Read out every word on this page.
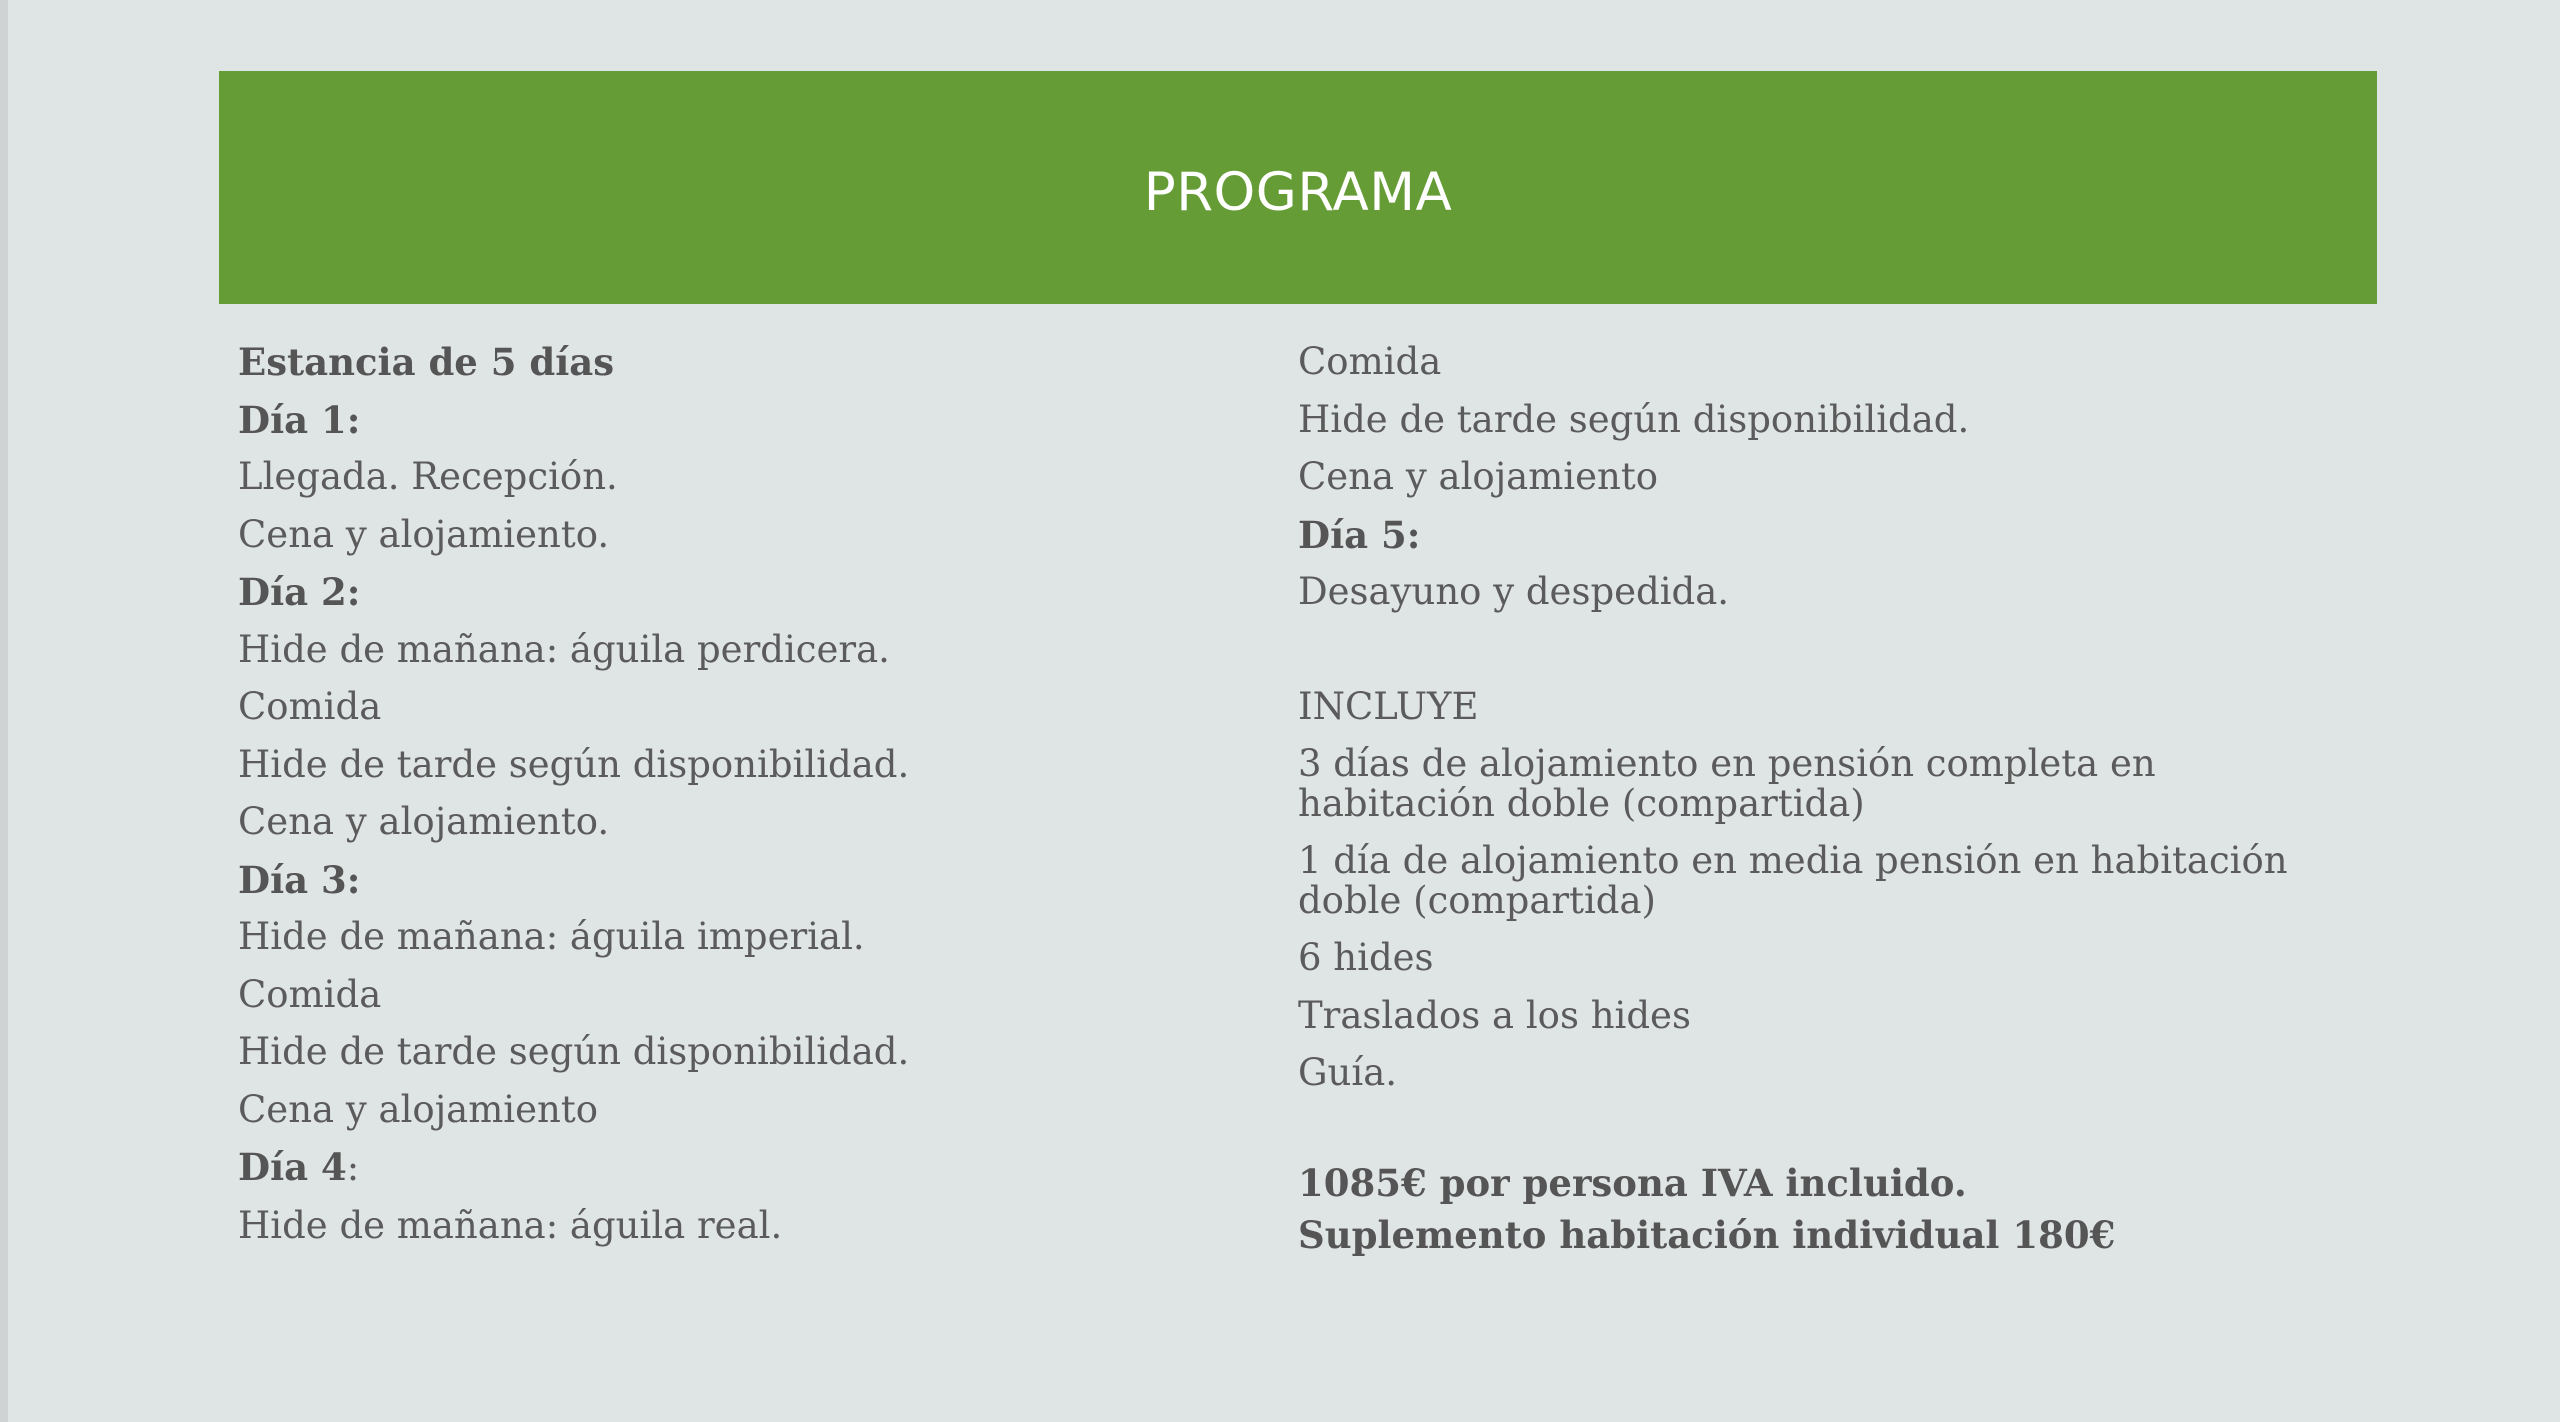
PROGRAMA
Estancia de 5 días
Día 1:
Llegada. Recepción.
Cena y alojamiento.
Día 2:
Hide de mañana: águila perdicera.
Comida
Hide de tarde según disponibilidad.
Cena y alojamiento.
Día 3:
Hide de mañana: águila imperial.
Comida
Hide de tarde según disponibilidad.
Cena y alojamiento
Día 4:
Hide de mañana: águila real.
Comida
Hide de tarde según disponibilidad.
Cena y alojamiento
Día 5:
Desayuno y despedida.
INCLUYE
3 días de alojamiento en pensión completa en habitación doble (compartida)
1 día de alojamiento en media pensión en habitación doble (compartida)
6 hides
Traslados a los hides
Guía.
1085€ por persona IVA incluido.
Suplemento habitación individual 180€
